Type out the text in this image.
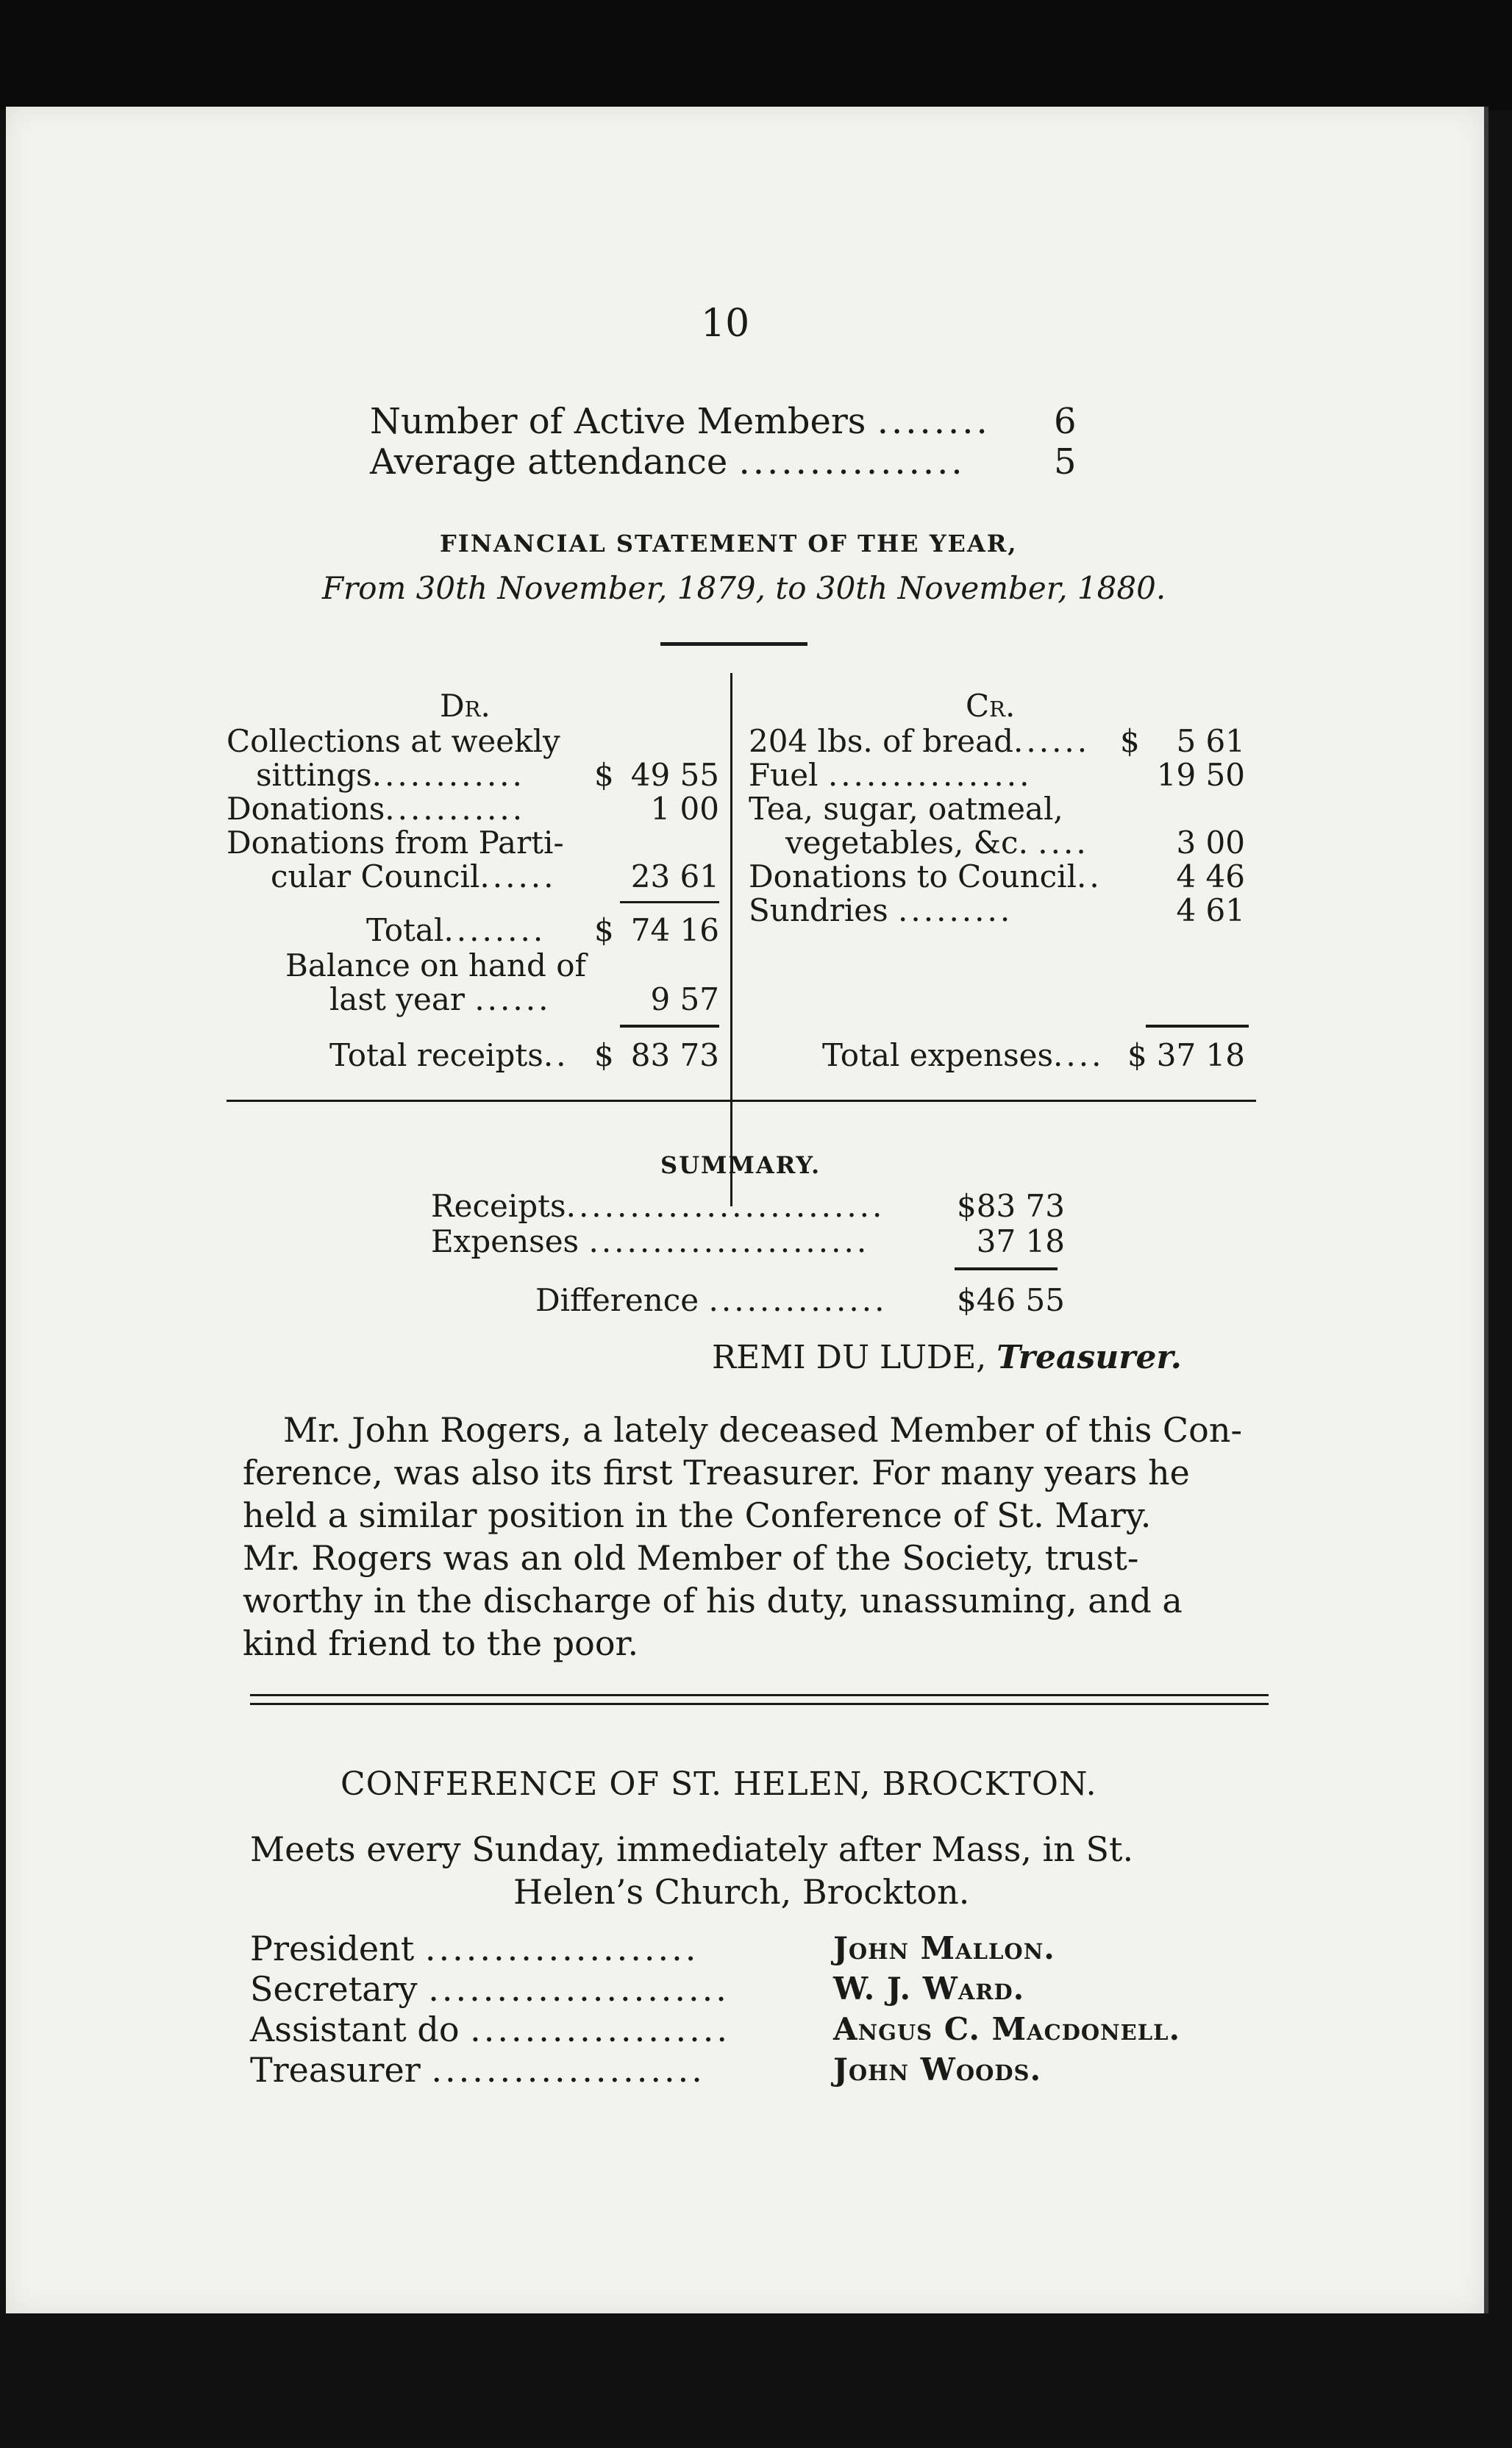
10
Number of Active Members ........ 6
Average attendance ................	5
FINANCIAL STATEMENT OF THE YEAR,
From 30th November, 1879, to 30th November, 1880.
Dr.
Collections at weekly
sittings............ $ 49 55
Donations...........	1 00
Donations from Parti-
cular Council...... 23 61
Total........ $ 74 16
Balance on hand of
last year ......	9 57
Total receipts.. $ 83 73
Cr.
204 lbs. of bread...... $	5 61
Fuel ................	19 50
Tea, sugar, oatmeal,
vegetables, &c. ....	3 00
Donations to Council..	4 46
Sundries .........	4 61
Total expenses.... $ 37 18
SUMMARY.
Receipts.........................	$83 73
Expenses ......................	37 18
Difference ..............	$46 55
REMI DU LUDE, Treasurer.
Mr. John Rogers, a lately deceased Member of this Con-
ference, was also its first Treasurer. For many years he
held a similar position in the Conference of St. Mary.
Mr. Rogers was an old Member of the Society, trust-
worthy in the discharge of his duty, unassuming, and a
kind friend to the poor.
CONFERENCE OF ST. HELEN, BROCKTON.
Meets every Sunday, immediately after Mass, in St.
Helen’s Church, Brockton.
President ....................	John Mallon.
Secretary ......................	W. J. Ward.
Assistant do ...................	Angus C. Macdonell.
Treasurer ....................	John Woods.
